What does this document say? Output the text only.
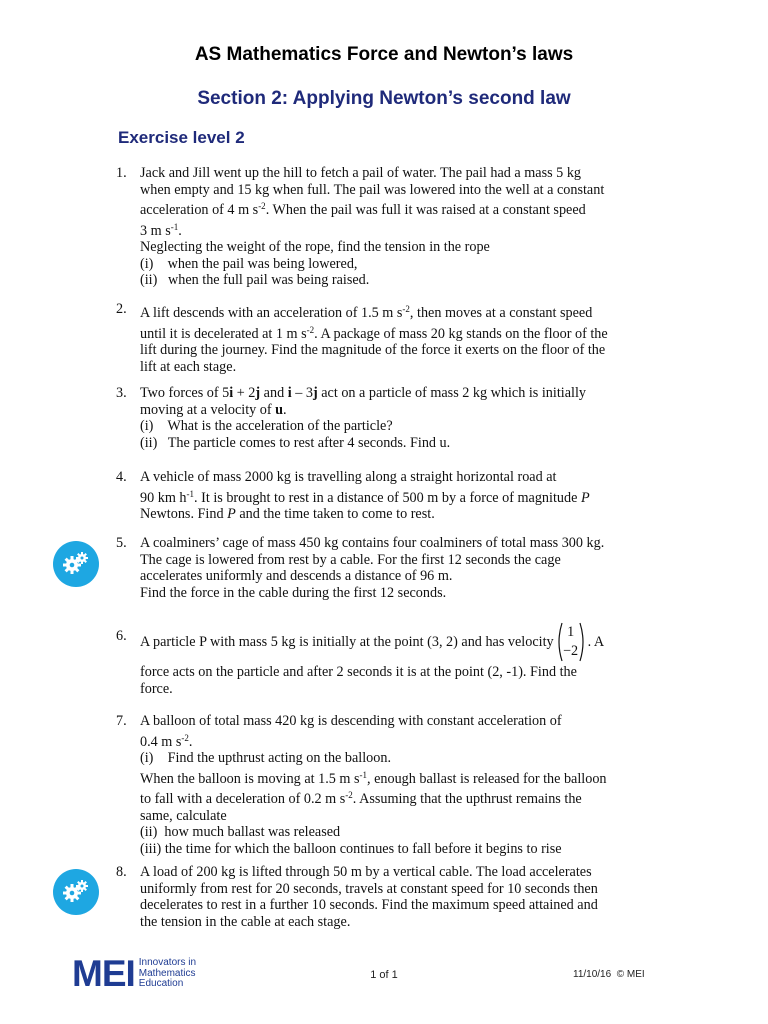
AS Mathematics Force and Newton’s laws
Section 2: Applying Newton’s second law
Exercise level 2
1. Jack and Jill went up the hill to fetch a pail of water. The pail had a mass 5 kg
when empty and 15 kg when full. The pail was lowered into the well at a constant
acceleration of 4 m $s^{-2}$. When the pail was full it was raised at a constant speed
3 m $s^{-1}$.
Neglecting the weight of the rope, find the tension in the rope
(i)    when the pail was being lowered,
(ii)   when the full pail was being raised.
2. A lift descends with an acceleration of 1.5 m $s^{-2}$, then moves at a constant speed
until it is decelerated at 1 m $s^{-2}$. A package of mass 20 kg stands on the floor of the
lift during the journey. Find the magnitude of the force it exerts on the floor of the
lift at each stage.
3. Two forces of 5i + 2j and i – 3j act on a particle of mass 2 kg which is initially
moving at a velocity of u.
(i)    What is the acceleration of the particle?
(ii)   The particle comes to rest after 4 seconds. Find u.
4. A vehicle of mass 2000 kg is travelling along a straight horizontal road at
90 km $h^{-1}$. It is brought to rest in a distance of 500 m by a force of magnitude P
Newtons. Find P and the time taken to come to rest.
5. A coalminers’ cage of mass 450 kg contains four coalminers of total mass 300 kg.
The cage is lowered from rest by a cable. For the first 12 seconds the cage
accelerates uniformly and descends a distance of 96 m.
Find the force in the cable during the first 12 seconds.
6. A particle P with mass 5 kg is initially at the point (3, 2) and has velocity
1
−2
. A
force acts on the particle and after 2 seconds it is at the point (2, -1). Find the
force.
7. A balloon of total mass 420 kg is descending with constant acceleration of
0.4 m $s^{-2}$.
(i)    Find the upthrust acting on the balloon.
When the balloon is moving at 1.5 m $s^{-1}$, enough ballast is released for the balloon
to fall with a deceleration of 0.2 m $s^{-2}$. Assuming that the upthrust remains the
same, calculate
(ii)  how much ballast was released
(iii) the time for which the balloon continues to fall before it begins to rise
8. A load of 200 kg is lifted through 50 m by a vertical cable. The load accelerates
uniformly from rest for 20 seconds, travels at constant speed for 10 seconds then
decelerates to rest in a further 10 seconds. Find the maximum speed attained and
the tension in the cable at each stage.
MEI Innovators in
Mathematics
Education
1 of 1	11/10/16  © MEI
